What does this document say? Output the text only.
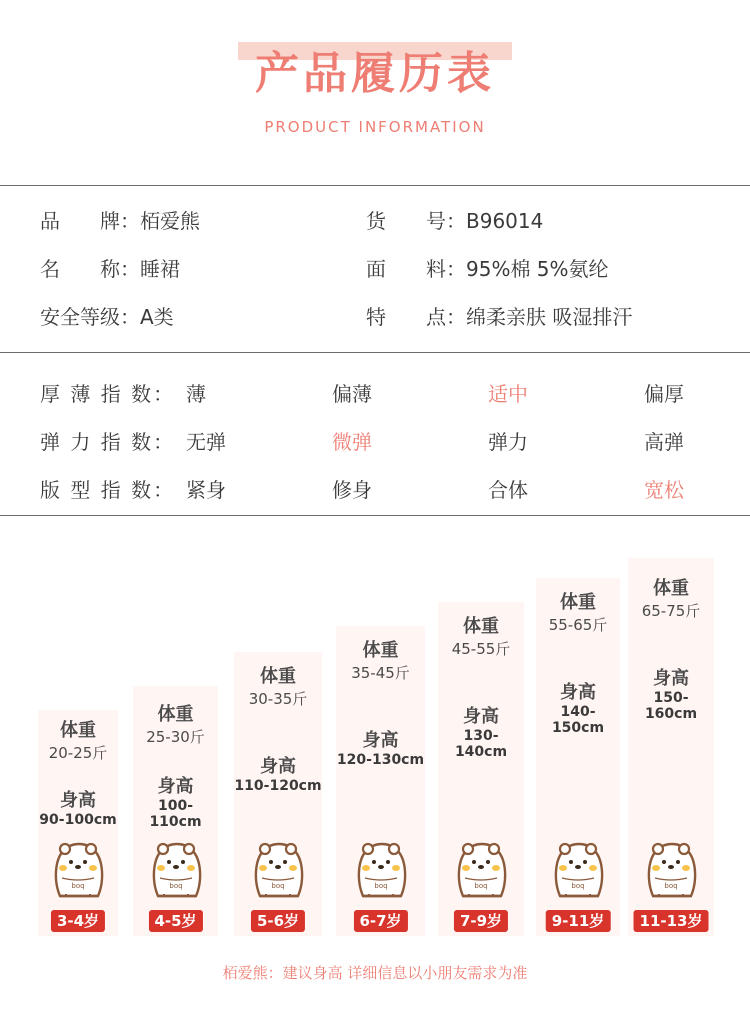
产品履历表
PRODUCT INFORMATION
品　　牌：栢爱熊	货　　号：B96014
名　　称：睡裙	面　　料：95%棉 5%氨纶
安全等级：A类	特　　点：绵柔亲肤 吸湿排汗
厚 薄 指 数： 薄	偏薄	适中	偏厚
弹 力 指 数： 无弹	微弹	弹力	高弹
版 型 指 数： 紧身	修身	合体	宽松
体重
20-25斤
身高
90-100cm
boq
3-4岁
体重
25-30斤
身高
100-110cm
boq
4-5岁
体重
30-35斤
身高
110-120cm
boq
5-6岁
体重
35-45斤
身高
120-130cm
boq
6-7岁
体重
45-55斤
身高
130-140cm
boq
7-9岁
体重
55-65斤
身高
140-150cm
boq
9-11岁
体重
65-75斤
身高
150-160cm
boq
11-13岁
栢爱熊：建议身高 详细信息以小朋友需求为准
